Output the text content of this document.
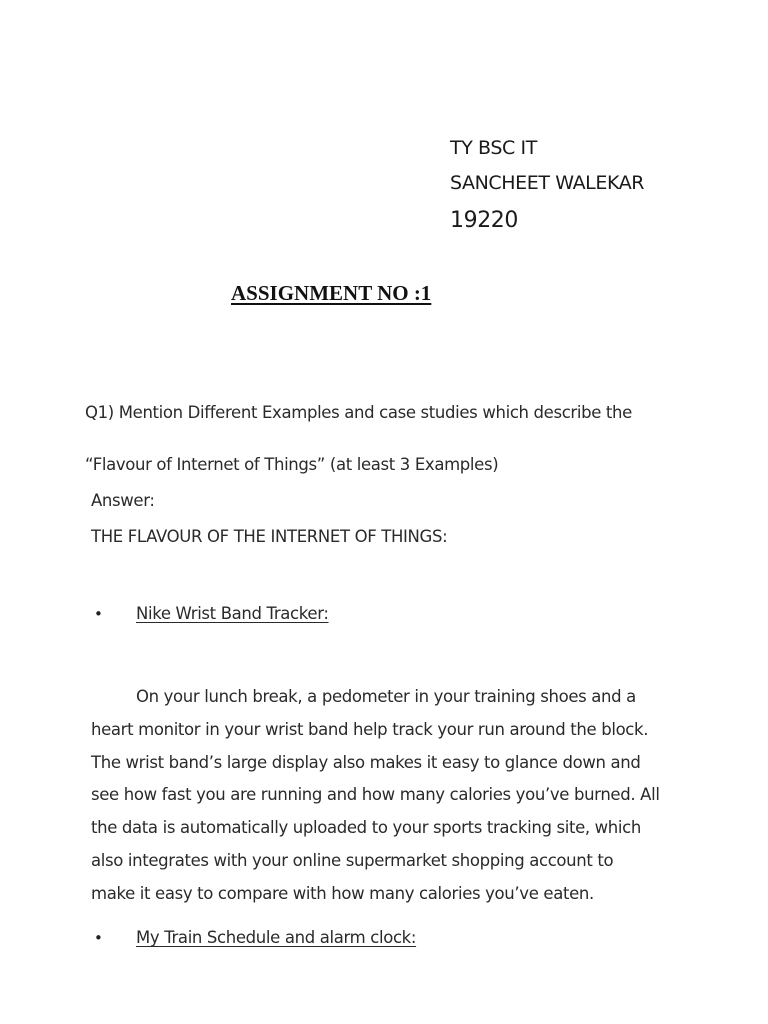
TY BSC IT
SANCHEET WALEKAR
19220
ASSIGNMENT NO :1
Q1) Mention Different Examples and case studies which describe the
“Flavour of Internet of Things” (at least 3 Examples)
Answer:
THE FLAVOUR OF THE INTERNET OF THINGS:
• Nike Wrist Band Tracker:
On your lunch break, a pedometer in your training shoes and a
heart monitor in your wrist band help track your run around the block.
The wrist band’s large display also makes it easy to glance down and
see how fast you are running and how many calories you’ve burned. All
the data is automatically uploaded to your sports tracking site, which
also integrates with your online supermarket shopping account to
make it easy to compare with how many calories you’ve eaten.
• My Train Schedule and alarm clock:
